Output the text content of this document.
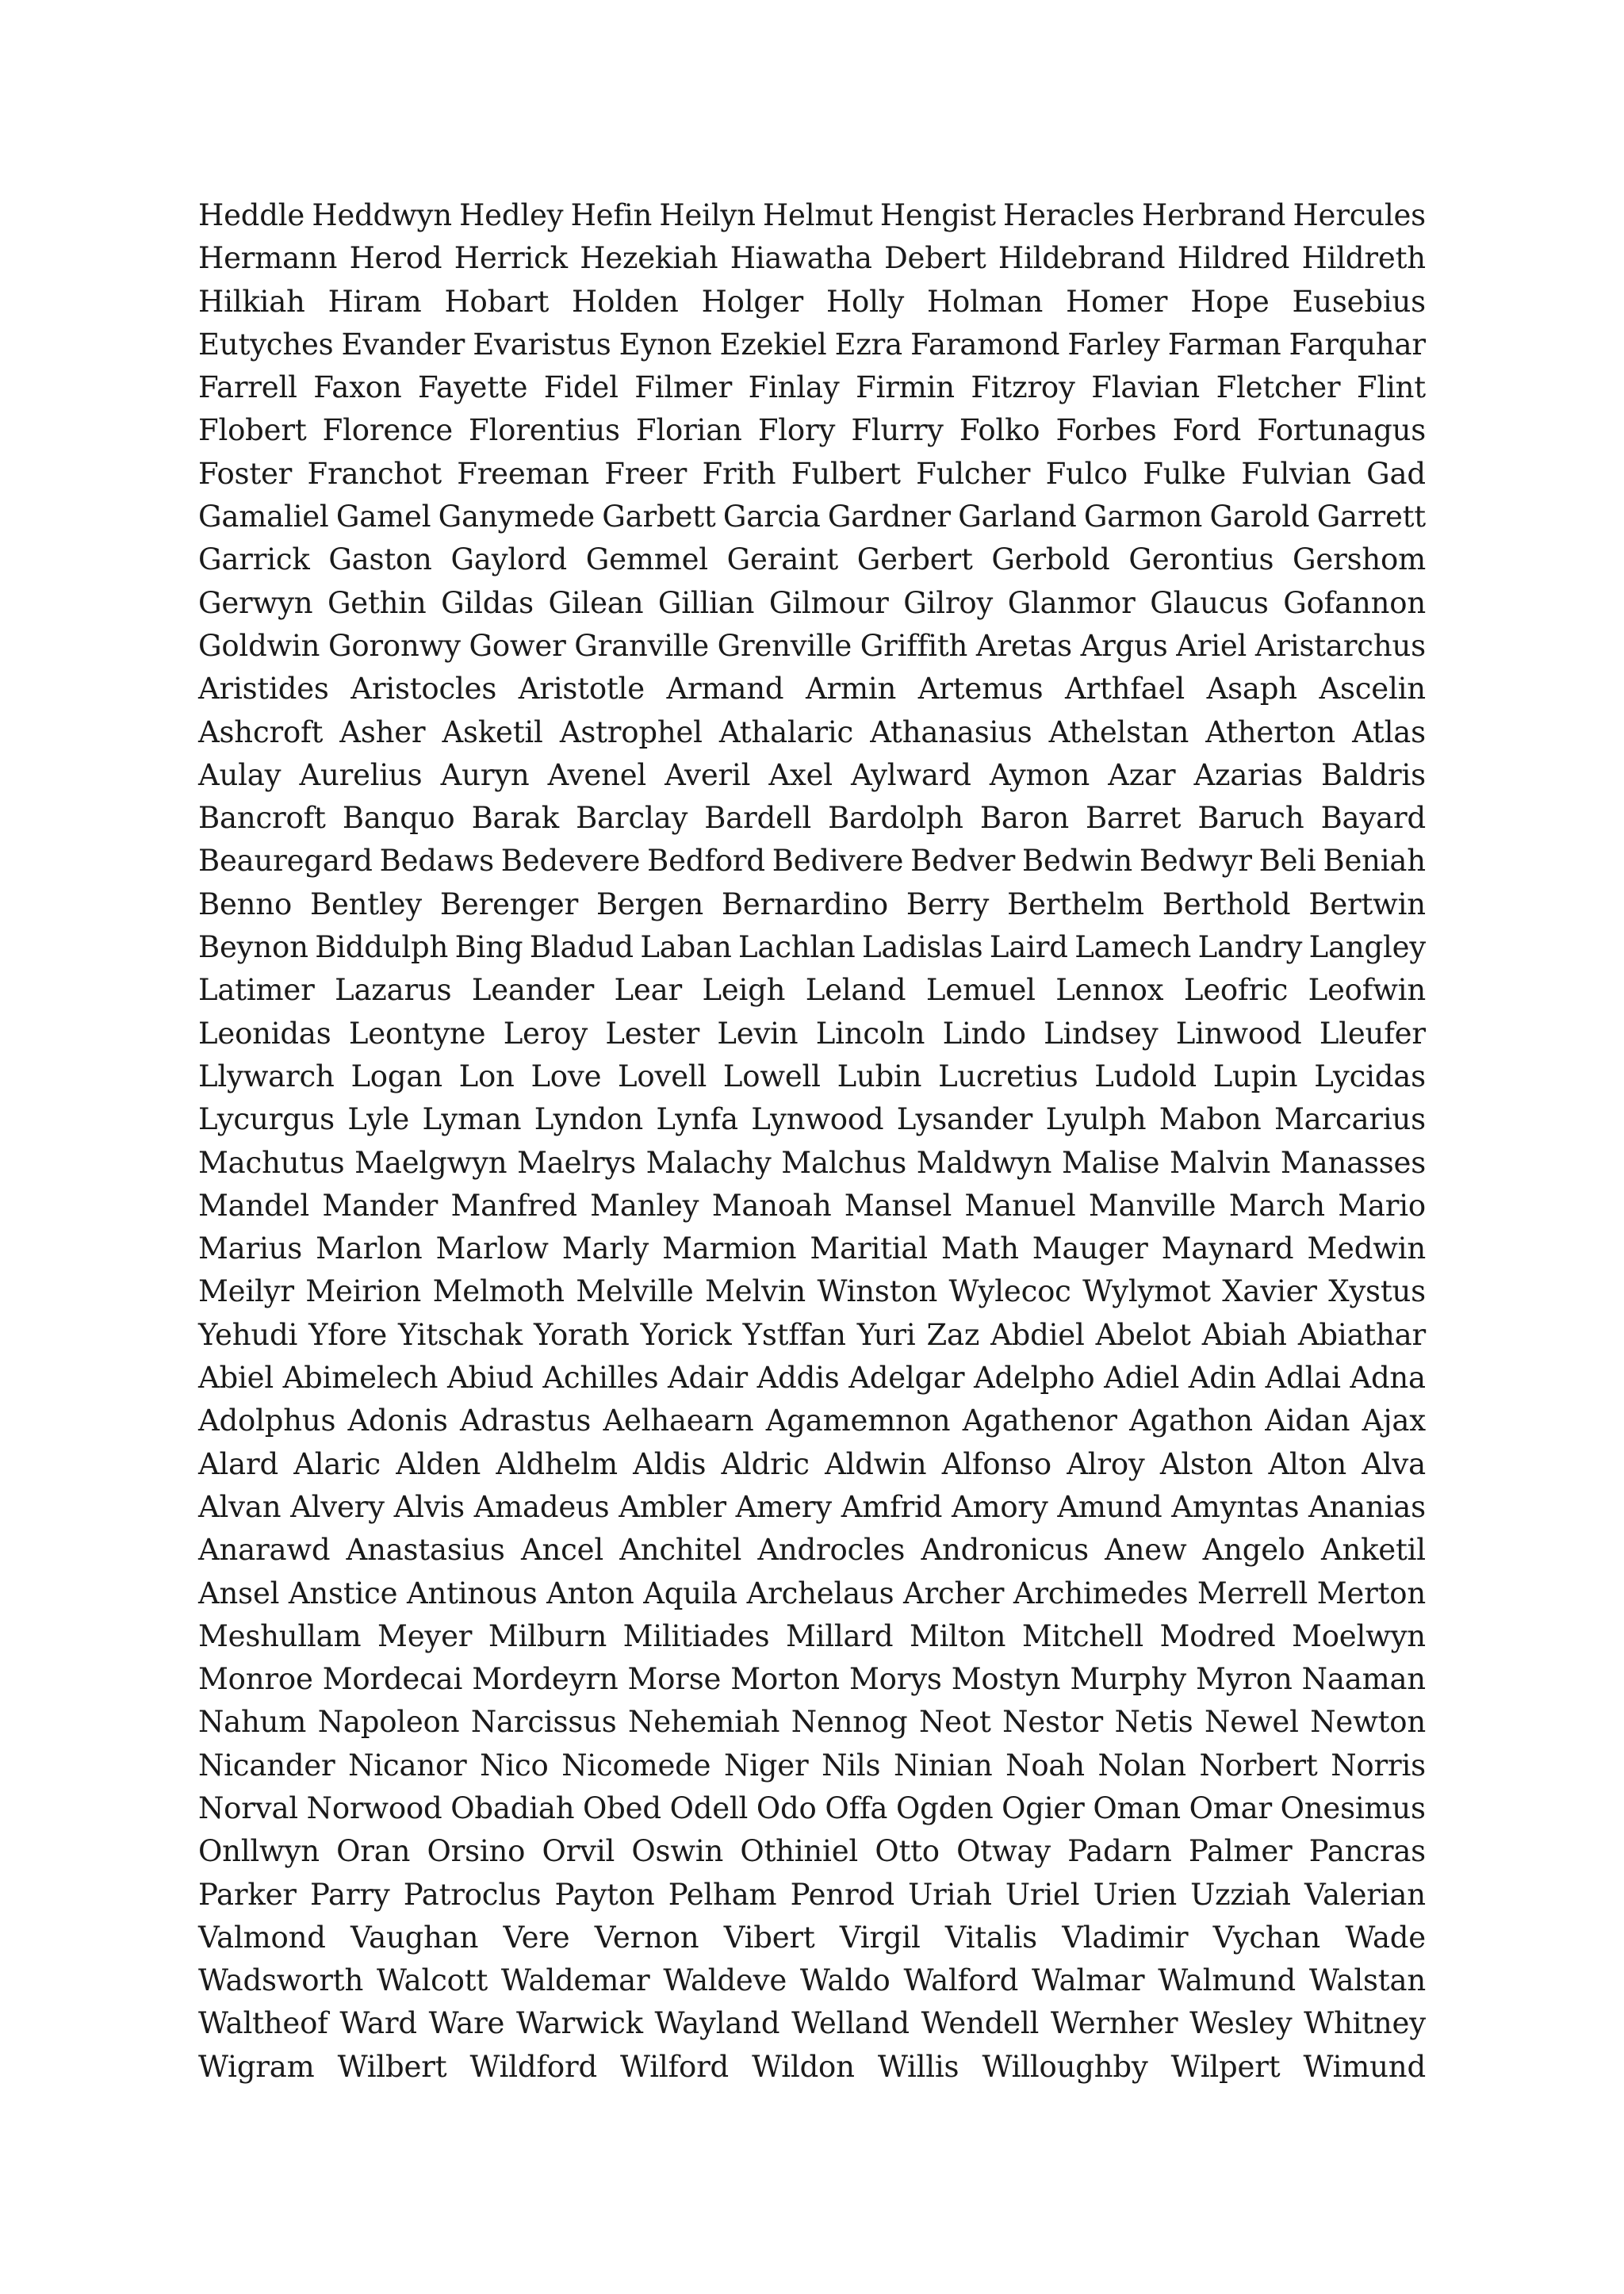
Heddle Heddwyn Hedley Hefin Heilyn Helmut Hengist Heracles Herbrand Hercules
Hermann Herod Herrick Hezekiah Hiawatha Debert Hildebrand Hildred Hildreth
Hilkiah Hiram Hobart Holden Holger Holly Holman Homer Hope Eusebius
Eutyches Evander Evaristus Eynon Ezekiel Ezra Faramond Farley Farman Farquhar
Farrell Faxon Fayette Fidel Filmer Finlay Firmin Fitzroy Flavian Fletcher Flint
Flobert Florence Florentius Florian Flory Flurry Folko Forbes Ford Fortunagus
Foster Franchot Freeman Freer Frith Fulbert Fulcher Fulco Fulke Fulvian Gad
Gamaliel Gamel Ganymede Garbett Garcia Gardner Garland Garmon Garold Garrett
Garrick Gaston Gaylord Gemmel Geraint Gerbert Gerbold Gerontius Gershom
Gerwyn Gethin Gildas Gilean Gillian Gilmour Gilroy Glanmor Glaucus Gofannon
Goldwin Goronwy Gower Granville Grenville Griffith Aretas Argus Ariel Aristarchus
Aristides Aristocles Aristotle Armand Armin Artemus Arthfael Asaph Ascelin
Ashcroft Asher Asketil Astrophel Athalaric Athanasius Athelstan Atherton Atlas
Aulay Aurelius Auryn Avenel Averil Axel Aylward Aymon Azar Azarias Baldris
Bancroft Banquo Barak Barclay Bardell Bardolph Baron Barret Baruch Bayard
Beauregard Bedaws Bedevere Bedford Bedivere Bedver Bedwin Bedwyr Beli Beniah
Benno Bentley Berenger Bergen Bernardino Berry Berthelm Berthold Bertwin
Beynon Biddulph Bing Bladud Laban Lachlan Ladislas Laird Lamech Landry Langley
Latimer Lazarus Leander Lear Leigh Leland Lemuel Lennox Leofric Leofwin
Leonidas Leontyne Leroy Lester Levin Lincoln Lindo Lindsey Linwood Lleufer
Llywarch Logan Lon Love Lovell Lowell Lubin Lucretius Ludold Lupin Lycidas
Lycurgus Lyle Lyman Lyndon Lynfa Lynwood Lysander Lyulph Mabon Marcarius
Machutus Maelgwyn Maelrys Malachy Malchus Maldwyn Malise Malvin Manasses
Mandel Mander Manfred Manley Manoah Mansel Manuel Manville March Mario
Marius Marlon Marlow Marly Marmion Maritial Math Mauger Maynard Medwin
Meilyr Meirion Melmoth Melville Melvin Winston Wylecoc Wylymot Xavier Xystus
Yehudi Yfore Yitschak Yorath Yorick Ystffan Yuri Zaz Abdiel Abelot Abiah Abiathar
Abiel Abimelech Abiud Achilles Adair Addis Adelgar Adelpho Adiel Adin Adlai Adna
Adolphus Adonis Adrastus Aelhaearn Agamemnon Agathenor Agathon Aidan Ajax
Alard Alaric Alden Aldhelm Aldis Aldric Aldwin Alfonso Alroy Alston Alton Alva
Alvan Alvery Alvis Amadeus Ambler Amery Amfrid Amory Amund Amyntas Ananias
Anarawd Anastasius Ancel Anchitel Androcles Andronicus Anew Angelo Anketil
Ansel Anstice Antinous Anton Aquila Archelaus Archer Archimedes Merrell Merton
Meshullam Meyer Milburn Militiades Millard Milton Mitchell Modred Moelwyn
Monroe Mordecai Mordeyrn Morse Morton Morys Mostyn Murphy Myron Naaman
Nahum Napoleon Narcissus Nehemiah Nennog Neot Nestor Netis Newel Newton
Nicander Nicanor Nico Nicomede Niger Nils Ninian Noah Nolan Norbert Norris
Norval Norwood Obadiah Obed Odell Odo Offa Ogden Ogier Oman Omar Onesimus
Onllwyn Oran Orsino Orvil Oswin Othiniel Otto Otway Padarn Palmer Pancras
Parker Parry Patroclus Payton Pelham Penrod Uriah Uriel Urien Uzziah Valerian
Valmond Vaughan Vere Vernon Vibert Virgil Vitalis Vladimir Vychan Wade
Wadsworth Walcott Waldemar Waldeve Waldo Walford Walmar Walmund Walstan
Waltheof Ward Ware Warwick Wayland Welland Wendell Wernher Wesley Whitney
Wigram Wilbert Wildford Wilford Wildon Willis Willoughby Wilpert Wimund
